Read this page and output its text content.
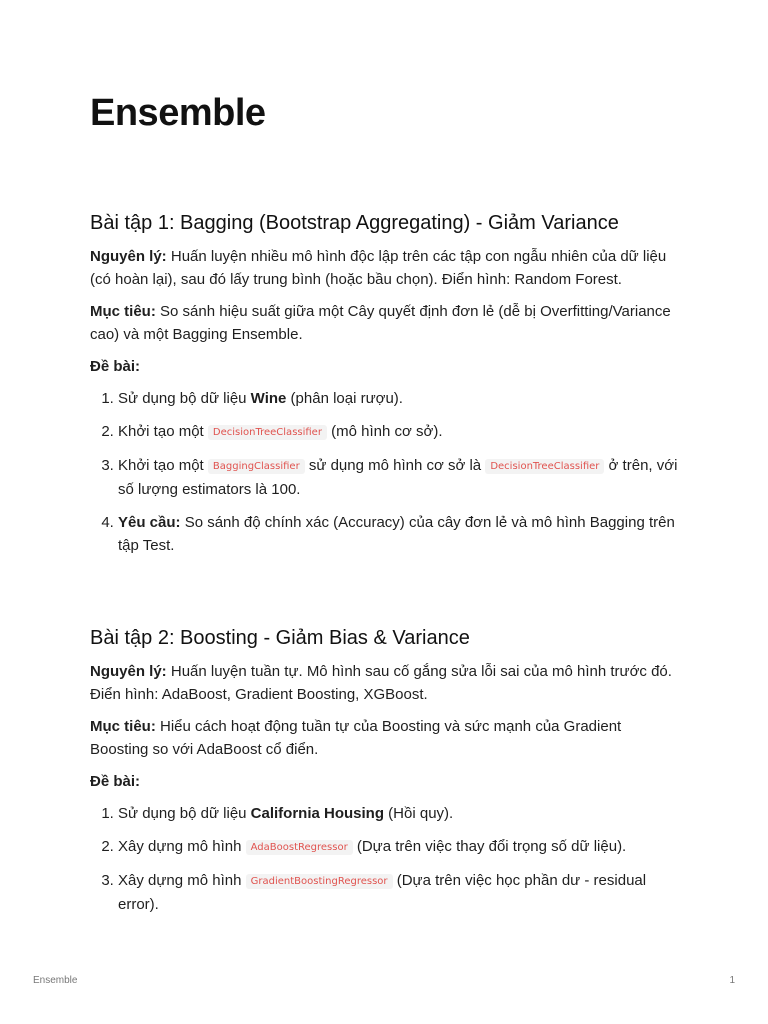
Ensemble
Bài tập 1: Bagging (Bootstrap Aggregating) - Giảm Variance

Nguyên lý: Huấn luyện nhiều mô hình độc lập trên các tập con ngẫu nhiên của dữ liệu (có hoàn lại), sau đó lấy trung bình (hoặc bầu chọn). Điển hình: Random Forest.

Mục tiêu: So sánh hiệu suất giữa một Cây quyết định đơn lẻ (dễ bị Overfitting/Variance cao) và một Bagging Ensemble.

Đề bài:

1. Sử dụng bộ dữ liệu Wine (phân loại rượu).
2. Khởi tạo một DecisionTreeClassifier (mô hình cơ sở).
3. Khởi tạo một BaggingClassifier sử dụng mô hình cơ sở là DecisionTreeClassifier ở trên, với số lượng estimators là 100.
4. Yêu cầu: So sánh độ chính xác (Accuracy) của cây đơn lẻ và mô hình Bagging trên tập Test.
Bài tập 2: Boosting - Giảm Bias & Variance

Nguyên lý: Huấn luyện tuần tự. Mô hình sau cố gắng sửa lỗi sai của mô hình trước đó. Điển hình: AdaBoost, Gradient Boosting, XGBoost.

Mục tiêu: Hiểu cách hoạt động tuần tự của Boosting và sức mạnh của Gradient Boosting so với AdaBoost cổ điển.

Đề bài:

1. Sử dụng bộ dữ liệu California Housing (Hồi quy).
2. Xây dựng mô hình AdaBoostRegressor (Dựa trên việc thay đổi trọng số dữ liệu).
3. Xây dựng mô hình GradientBoostingRegressor (Dựa trên việc học phần dư - residual error).
Ensemble	1
